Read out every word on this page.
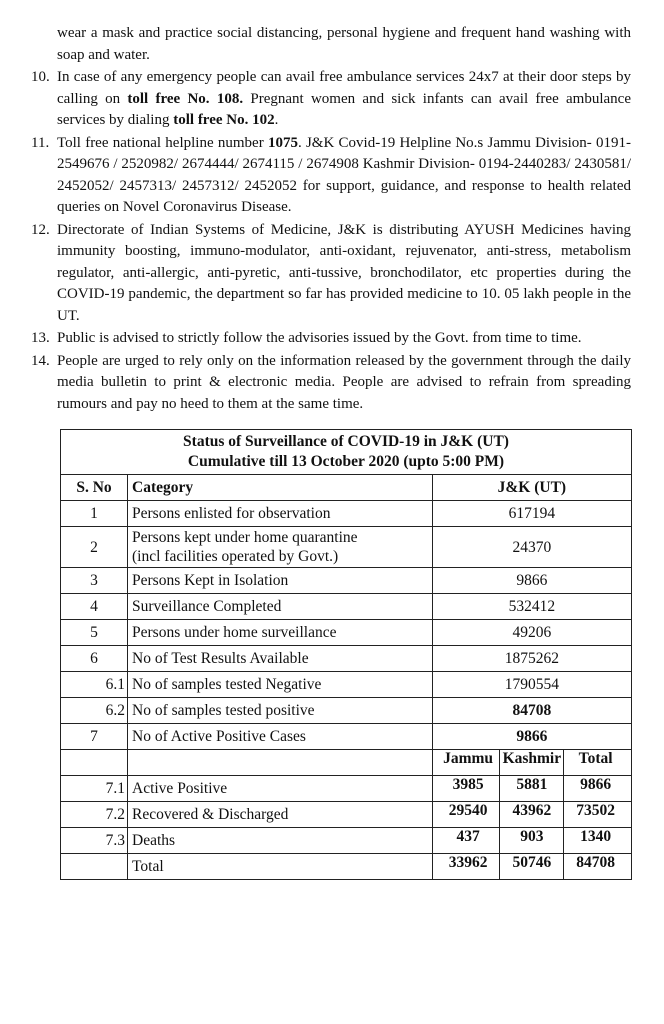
wear a mask and practice social distancing, personal hygiene and frequent hand washing with soap and water.
10. In case of any emergency people can avail free ambulance services 24x7 at their door steps by calling on toll free No. 108. Pregnant women and sick infants can avail free ambulance services by dialing toll free No. 102.
11. Toll free national helpline number 1075. J&K Covid-19 Helpline No.s Jammu Division- 0191-2549676 / 2520982/ 2674444/ 2674115 / 2674908 Kashmir Division- 0194-2440283/ 2430581/ 2452052/ 2457313/ 2457312/ 2452052 for support, guidance, and response to health related queries on Novel Coronavirus Disease.
12. Directorate of Indian Systems of Medicine, J&K is distributing AYUSH Medicines having immunity boosting, immuno-modulator, anti-oxidant, rejuvenator, anti-stress, metabolism regulator, anti-allergic, anti-pyretic, anti-tussive, bronchodilator, etc properties during the COVID-19 pandemic, the department so far has provided medicine to 10. 05 lakh people in the UT.
13. Public is advised to strictly follow the advisories issued by the Govt. from time to time.
14. People are urged to rely only on the information released by the government through the daily media bulletin to print & electronic media. People are advised to refrain from spreading rumours and pay no heed to them at the same time.
Status of Surveillance of COVID-19 in J&K (UT)
Cumulative till 13 October 2020 (upto 5:00 PM)		

S. No	Category	J&K (UT)
1	Persons enlisted for observation	617194
2	Persons kept under home quarantine
(incl facilities operated by Govt.)	24370
3	Persons Kept in Isolation	9866
4	Surveillance Completed	532412
5	Persons under home surveillance	49206
6	No of Test Results Available	1875262
6.1	No of samples tested Negative	1790554
6.2	No of samples tested positive	84708
7	No of Active Positive Cases	9866

		Jammu Kashmir Total

7.1	Active Positive	3985 5881 9866

7.2	Recovered & Discharged	29540 43962 73502

7.3	Deaths	437 903 1340

	Total	33962 50746 84708
